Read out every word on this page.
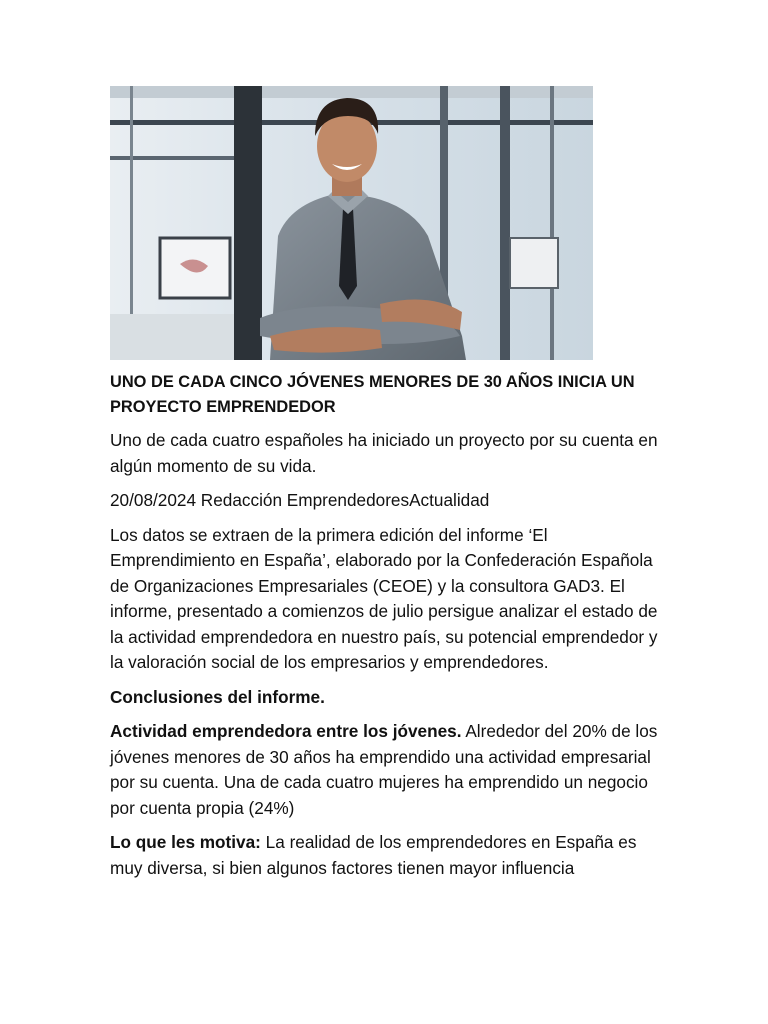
UNO DE CADA CINCO JÓVENES MENORES DE 30 AÑOS INICIA UN PROYECTO EMPRENDEDOR

Uno de cada cuatro españoles ha iniciado un proyecto por su cuenta en algún momento de su vida.

20/08/2024 Redacción EmprendedoresActualidad

Los datos se extraen de la primera edición del informe ‘El Emprendimiento en España’, elaborado por la Confederación Española de Organizaciones Empresariales (CEOE) y la consultora GAD3. El informe, presentado a comienzos de julio persigue analizar el estado de la actividad emprendedora en nuestro país, su potencial emprendedor y la valoración social de los empresarios y emprendedores.

Conclusiones del informe.

Actividad emprendedora entre los jóvenes. Alrededor del 20% de los jóvenes menores de 30 años ha emprendido una actividad empresarial por su cuenta. Una de cada cuatro mujeres ha emprendido un negocio por cuenta propia (24%)

Lo que les motiva: La realidad de los emprendedores en España es muy diversa, si bien algunos factores tienen mayor influencia
